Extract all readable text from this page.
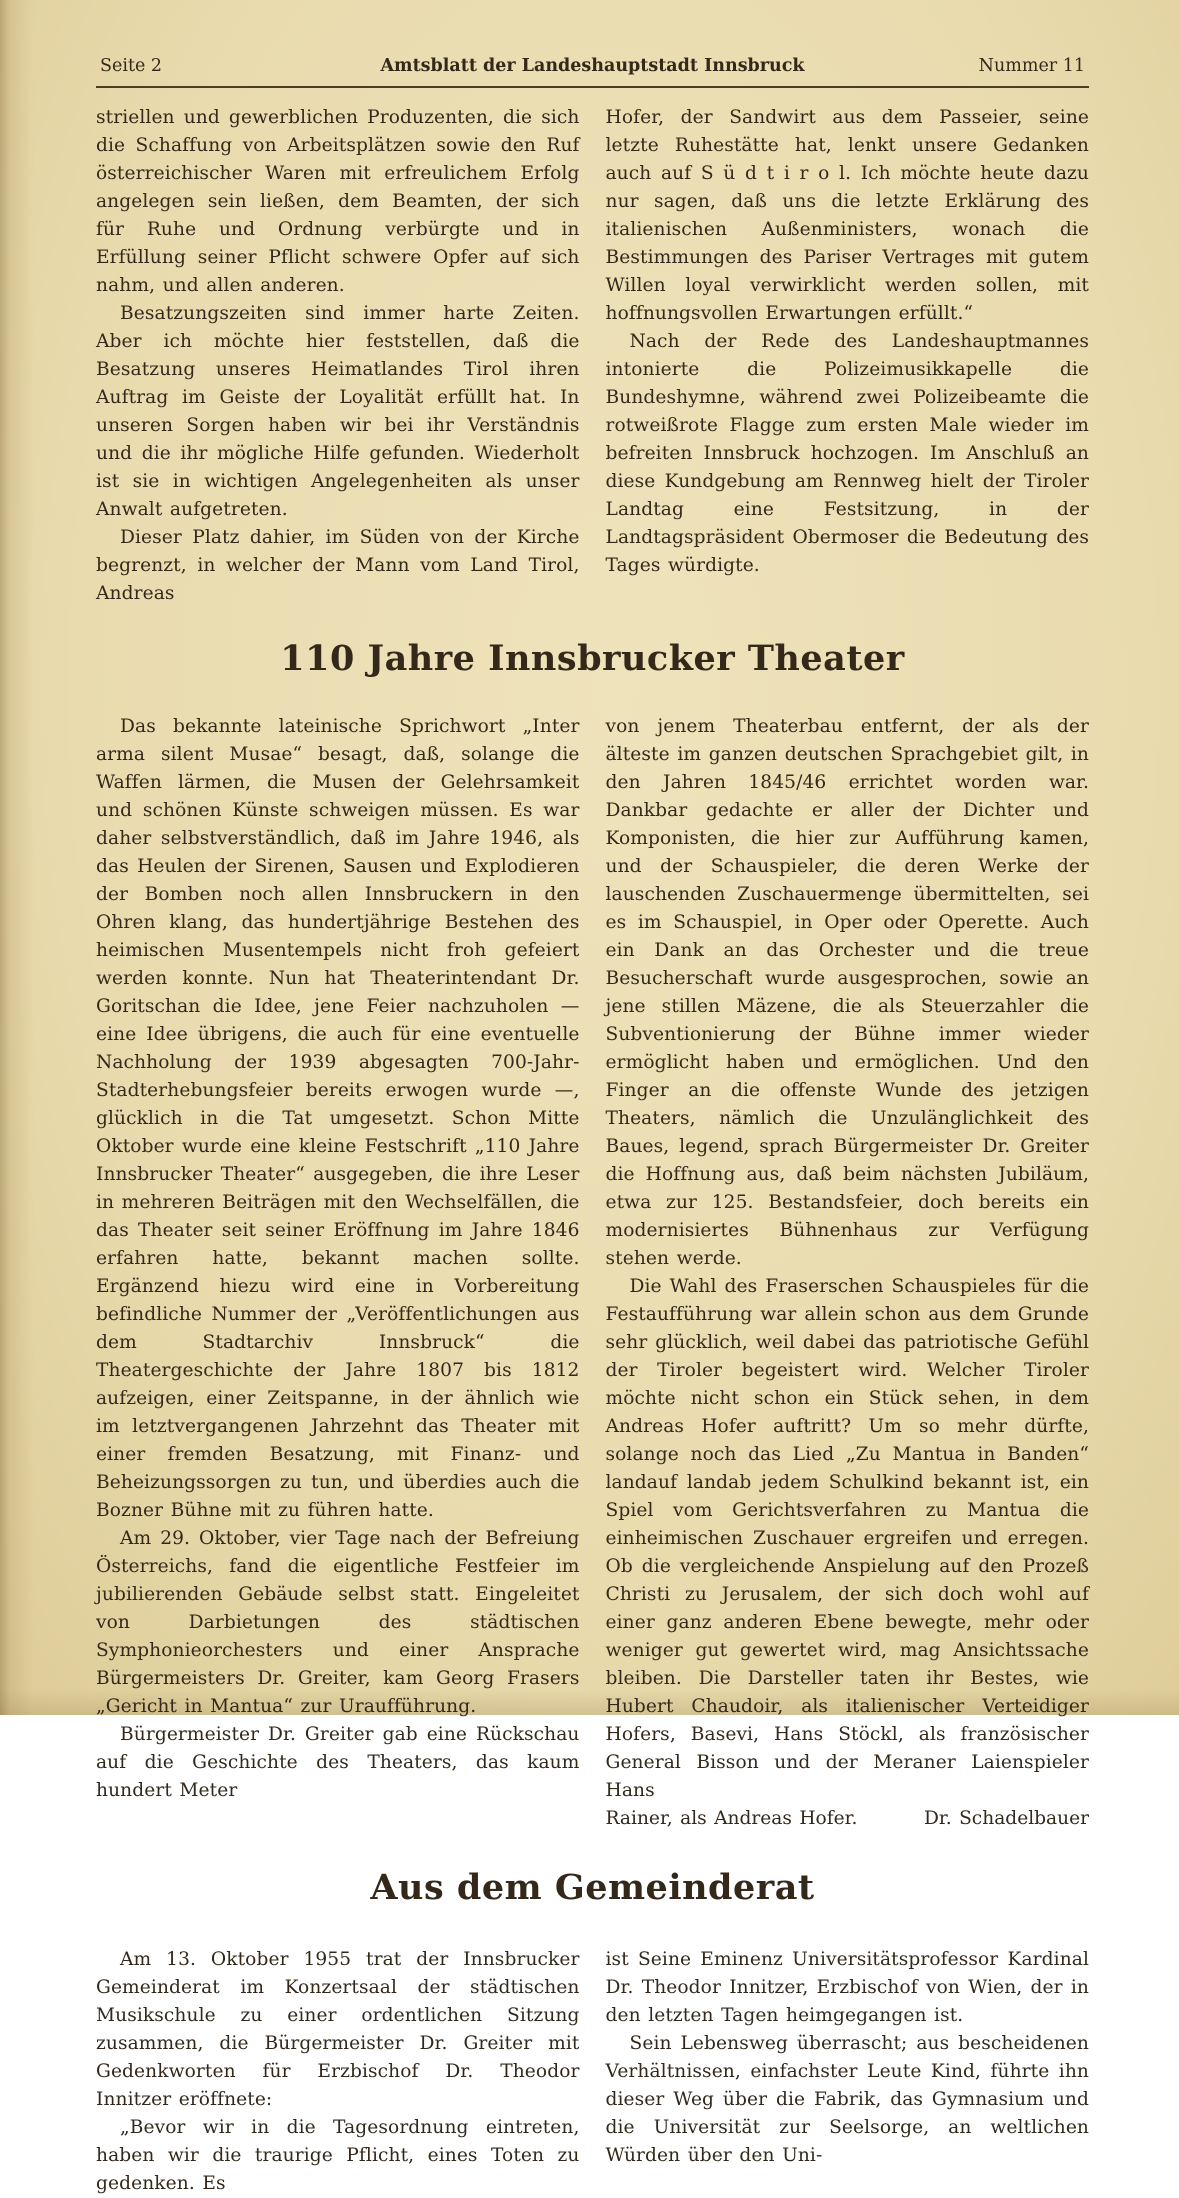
Seite 2	Amtsblatt der Landeshauptstadt Innsbruck	Nummer 11

striellen und gewerblichen Produzenten, die sich die Schaffung von Arbeitsplätzen sowie den Ruf österreichischer Waren mit erfreulichem Erfolg angelegen sein ließen, dem Beamten, der sich für Ruhe und Ordnung verbürgte und in Erfüllung seiner Pflicht schwere Opfer auf sich nahm, und allen anderen.

Besatzungszeiten sind immer harte Zeiten. Aber ich möchte hier feststellen, daß die Besatzung unseres Heimatlandes Tirol ihren Auftrag im Geiste der Loyalität erfüllt hat. In unseren Sorgen haben wir bei ihr Verständnis und die ihr mögliche Hilfe gefunden. Wiederholt ist sie in wichtigen Angelegenheiten als unser Anwalt aufgetreten.

Dieser Platz dahier, im Süden von der Kirche begrenzt, in welcher der Mann vom Land Tirol, Andreas

Hofer, der Sandwirt aus dem Passeier, seine letzte Ruhestätte hat, lenkt unsere Gedanken auch auf S ü d t i r o l. Ich möchte heute dazu nur sagen, daß uns die letzte Erklärung des italienischen Außenministers, wonach die Bestimmungen des Pariser Vertrages mit gutem Willen loyal verwirklicht werden sollen, mit hoffnungsvollen Erwartungen erfüllt.“

Nach der Rede des Landeshauptmannes intonierte die Polizeimusikkapelle die Bundeshymne, während zwei Polizeibeamte die rotweißrote Flagge zum ersten Male wieder im befreiten Innsbruck hochzogen. Im Anschluß an diese Kundgebung am Rennweg hielt der Tiroler Landtag eine Festsitzung, in der Landtagspräsident Obermoser die Bedeutung des Tages würdigte.

110 Jahre Innsbrucker Theater

Das bekannte lateinische Sprichwort „Inter arma silent Musae“ besagt, daß, solange die Waffen lärmen, die Musen der Gelehrsamkeit und schönen Künste schweigen müssen. Es war daher selbstverständlich, daß im Jahre 1946, als das Heulen der Sirenen, Sausen und Explodieren der Bomben noch allen Innsbruckern in den Ohren klang, das hundertjährige Bestehen des heimischen Musentempels nicht froh gefeiert werden konnte. Nun hat Theaterintendant Dr. Goritschan die Idee, jene Feier nachzuholen — eine Idee übrigens, die auch für eine eventuelle Nachholung der 1939 abgesagten 700-Jahr-Stadterhebungsfeier bereits erwogen wurde —, glücklich in die Tat umgesetzt. Schon Mitte Oktober wurde eine kleine Festschrift „110 Jahre Innsbrucker Theater“ ausgegeben, die ihre Leser in mehreren Beiträgen mit den Wechselfällen, die das Theater seit seiner Eröffnung im Jahre 1846 erfahren hatte, bekannt machen sollte. Ergänzend hiezu wird eine in Vorbereitung befindliche Nummer der „Veröffentlichungen aus dem Stadtarchiv Innsbruck“ die Theatergeschichte der Jahre 1807 bis 1812 aufzeigen, einer Zeitspanne, in der ähnlich wie im letztvergangenen Jahrzehnt das Theater mit einer fremden Besatzung, mit Finanz- und Beheizungssorgen zu tun, und überdies auch die Bozner Bühne mit zu führen hatte.

Am 29. Oktober, vier Tage nach der Befreiung Österreichs, fand die eigentliche Festfeier im jubilierenden Gebäude selbst statt. Eingeleitet von Darbietungen des städtischen Symphonieorchesters und einer Ansprache Bürgermeisters Dr. Greiter, kam Georg Frasers „Gericht in Mantua“ zur Uraufführung.

Bürgermeister Dr. Greiter gab eine Rückschau auf die Geschichte des Theaters, das kaum hundert Meter

von jenem Theaterbau entfernt, der als der älteste im ganzen deutschen Sprachgebiet gilt, in den Jahren 1845/46 errichtet worden war. Dankbar gedachte er aller der Dichter und Komponisten, die hier zur Aufführung kamen, und der Schauspieler, die deren Werke der lauschenden Zuschauermenge übermittelten, sei es im Schauspiel, in Oper oder Operette. Auch ein Dank an das Orchester und die treue Besucherschaft wurde ausgesprochen, sowie an jene stillen Mäzene, die als Steuerzahler die Subventionierung der Bühne immer wieder ermöglicht haben und ermöglichen. Und den Finger an die offenste Wunde des jetzigen Theaters, nämlich die Unzulänglichkeit des Baues, legend, sprach Bürgermeister Dr. Greiter die Hoffnung aus, daß beim nächsten Jubiläum, etwa zur 125. Bestandsfeier, doch bereits ein modernisiertes Bühnenhaus zur Verfügung stehen werde.

Die Wahl des Fraserschen Schauspieles für die Festaufführung war allein schon aus dem Grunde sehr glücklich, weil dabei das patriotische Gefühl der Tiroler begeistert wird. Welcher Tiroler möchte nicht schon ein Stück sehen, in dem Andreas Hofer auftritt? Um so mehr dürfte, solange noch das Lied „Zu Mantua in Banden“ landauf landab jedem Schulkind bekannt ist, ein Spiel vom Gerichtsverfahren zu Mantua die einheimischen Zuschauer ergreifen und erregen. Ob die vergleichende Anspielung auf den Prozeß Christi zu Jerusalem, der sich doch wohl auf einer ganz anderen Ebene bewegte, mehr oder weniger gut gewertet wird, mag Ansichtssache bleiben. Die Darsteller taten ihr Bestes, wie Hubert Chaudoir, als italienischer Verteidiger Hofers, Basevi, Hans Stöckl, als französischer General Bisson und der Meraner Laienspieler Hans

Rainer, als Andreas Hofer.	Dr. Schadelbauer
Aus dem Gemeinderat

Am 13. Oktober 1955 trat der Innsbrucker Gemeinderat im Konzertsaal der städtischen Musikschule zu einer ordentlichen Sitzung zusammen, die Bürgermeister Dr. Greiter mit Gedenkworten für Erzbischof Dr. Theodor Innitzer eröffnete:

„Bevor wir in die Tagesordnung eintreten, haben wir die traurige Pflicht, eines Toten zu gedenken. Es

ist Seine Eminenz Universitätsprofessor Kardinal Dr. Theodor Innitzer, Erzbischof von Wien, der in den letzten Tagen heimgegangen ist.

Sein Lebensweg überrascht; aus bescheidenen Verhältnissen, einfachster Leute Kind, führte ihn dieser Weg über die Fabrik, das Gymnasium und die Universität zur Seelsorge, an weltlichen Würden über den Uni-
